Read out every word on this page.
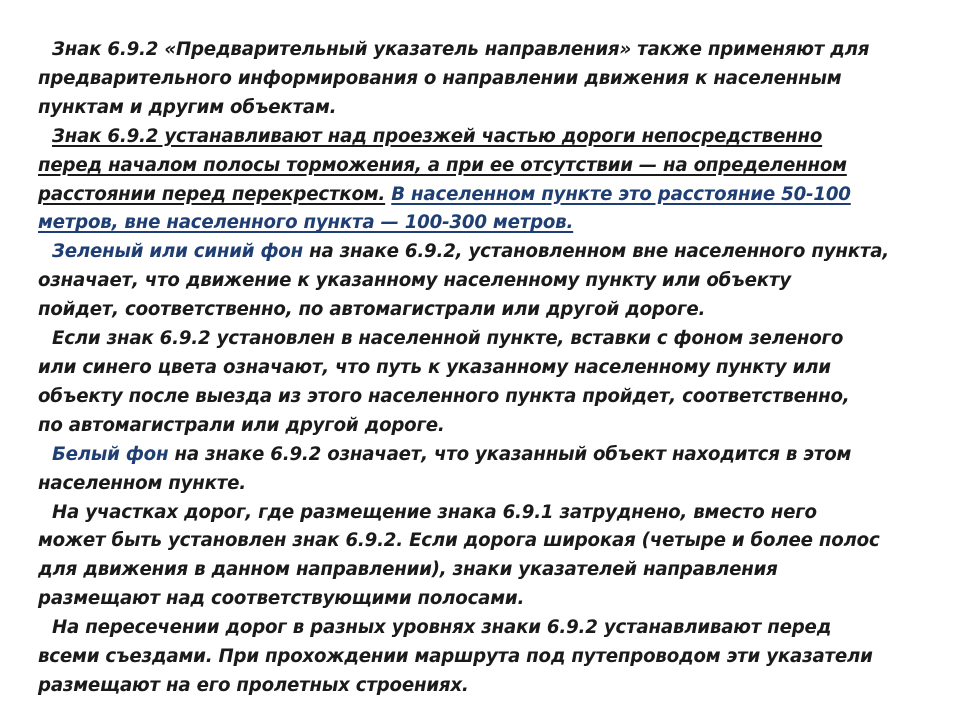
Знак 6.9.2 «Предварительный указатель направления» также применяют для
предварительного информирования о направлении движения к населенным
пунктам и другим объектам.
Знак 6.9.2 устанавливают над проезжей частью дороги непосредственно
перед началом полосы торможения, а при ее отсутствии — на определенном
расстоянии перед перекрестком. В населенном пункте это расстояние 50-100
метров, вне населенного пункта — 100-300 метров.
Зеленый или синий фон на знаке 6.9.2, установленном вне населенного пункта,
означает, что движение к указанному населенному пункту или объекту
пойдет, соответственно, по автомагистрали или другой дороге.
Если знак 6.9.2 установлен в населенной пункте, вставки с фоном зеленого
или синего цвета означают, что путь к указанному населенному пункту или
объекту после выезда из этого населенного пункта пройдет, соответственно,
по автомагистрали или другой дороге.
Белый фон на знаке 6.9.2 означает, что указанный объект находится в этом
населенном пункте.
На участках дорог, где размещение знака 6.9.1 затруднено, вместо него
может быть установлен знак 6.9.2. Если дорога широкая (четыре и более полос
для движения в данном направлении), знаки указателей направления
размещают над соответствующими полосами.
На пересечении дорог в разных уровнях знаки 6.9.2 устанавливают перед
всеми съездами. При прохождении маршрута под путепроводом эти указатели
размещают на его пролетных строениях.
